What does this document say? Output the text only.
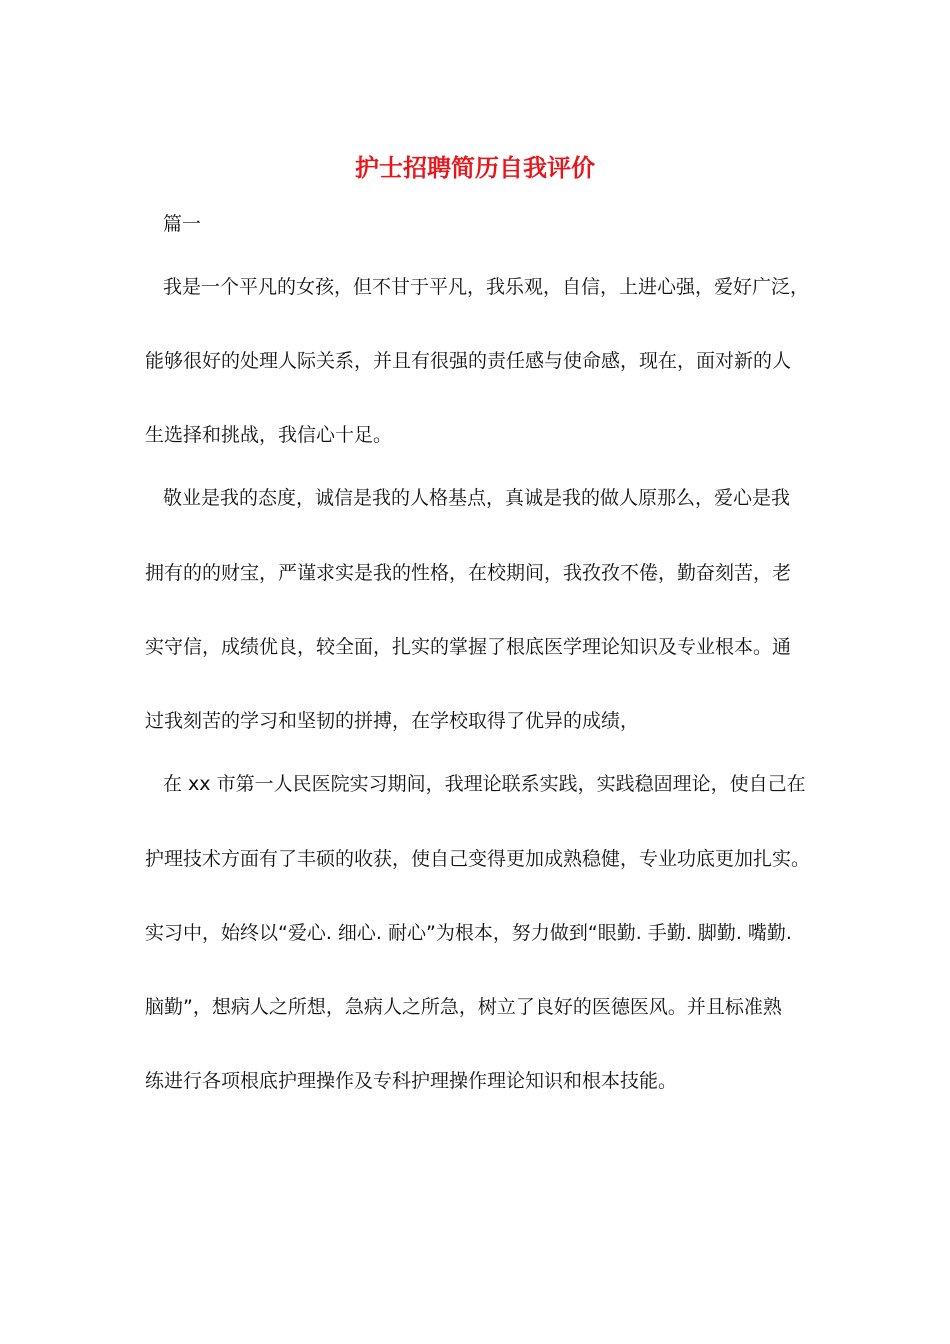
护士招聘简历自我评价

篇一

我是一个平凡的女孩，但不甘于平凡，我乐观，自信，上进心强，爱好广泛，

能够很好的处理人际关系，并且有很强的责任感与使命感，现在，面对新的人

生选择和挑战，我信心十足。

敬业是我的态度，诚信是我的人格基点，真诚是我的做人原那么，爱心是我

拥有的的财宝，严谨求实是我的性格，在校期间，我孜孜不倦，勤奋刻苦，老

实守信，成绩优良，较全面，扎实的掌握了根底医学理论知识及专业根本。通

过我刻苦的学习和坚韧的拼搏，在学校取得了优异的成绩，

在 xx 市第一人民医院实习期间，我理论联系实践，实践稳固理论，使自己在

护理技术方面有了丰硕的收获，使自己变得更加成熟稳健，专业功底更加扎实。

实习中，始终以“爱心. 细心. 耐心”为根本，努力做到“眼勤. 手勤. 脚勤. 嘴勤.

脑勤”，想病人之所想，急病人之所急，树立了良好的医德医风。并且标准熟

练进行各项根底护理操作及专科护理操作理论知识和根本技能。
